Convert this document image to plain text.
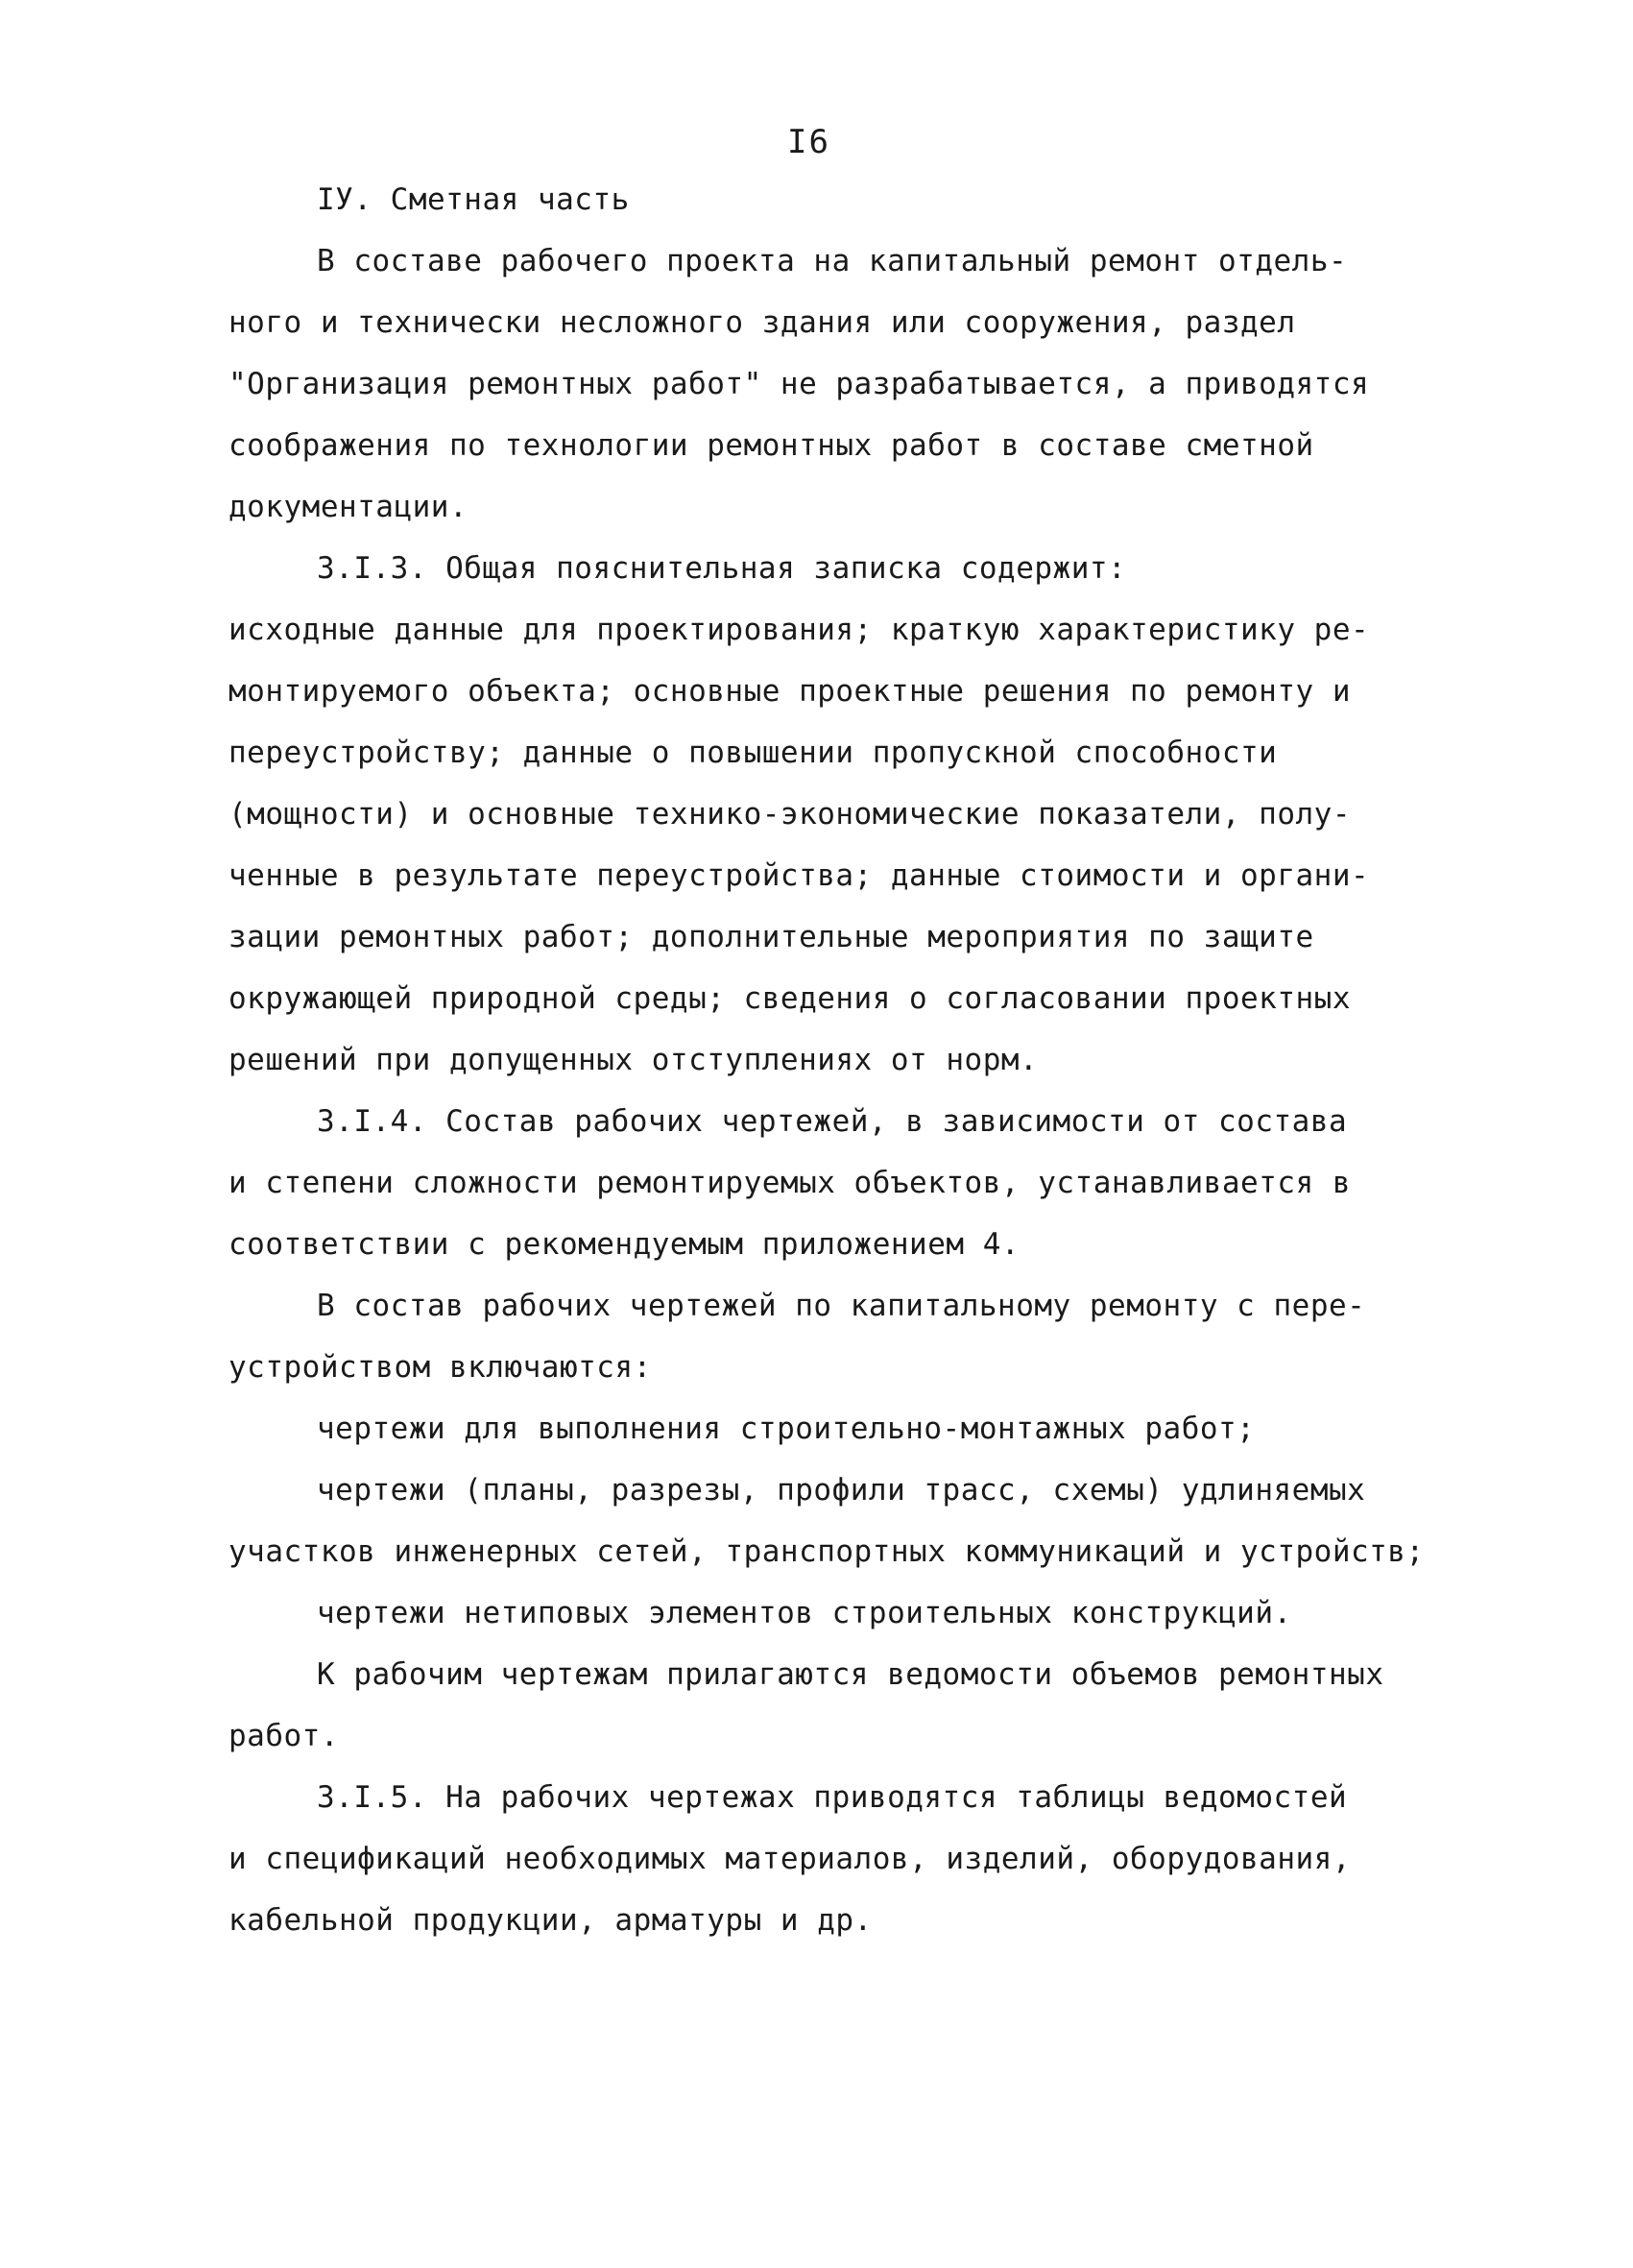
I6
IУ. Сметная часть
В составе рабочего проекта на капитальный ремонт отдель-
ного и технически несложного здания или сооружения, раздел
"Организация ремонтных работ" не разрабатывается, а приводятся
соображения по технологии ремонтных работ в составе сметной
документации.
3.I.3. Общая пояснительная записка содержит:
исходные данные для проектирования; краткую характеристику ре-
монтируемого объекта; основные проектные решения по ремонту и
переустройству; данные о повышении пропускной способности
(мощности) и основные технико-экономические показатели, полу-
ченные в результате переустройства; данные стоимости и органи-
зации ремонтных работ; дополнительные мероприятия по защите
окружающей природной среды; сведения о согласовании проектных
решений при допущенных отступлениях от норм.
3.I.4. Состав рабочих чертежей, в зависимости от состава
и степени сложности ремонтируемых объектов, устанавливается в
соответствии с рекомендуемым приложением 4.
В состав рабочих чертежей по капитальному ремонту с пере-
устройством включаются:
чертежи для выполнения строительно-монтажных работ;
чертежи (планы, разрезы, профили трасс, схемы) удлиняемых
участков инженерных сетей, транспортных коммуникаций и устройств;
чертежи нетиповых элементов строительных конструкций.
К рабочим чертежам прилагаются ведомости объемов ремонтных
работ.
3.I.5. На рабочих чертежах приводятся таблицы ведомостей
и спецификаций необходимых материалов, изделий, оборудования,
кабельной продукции, арматуры и др.
